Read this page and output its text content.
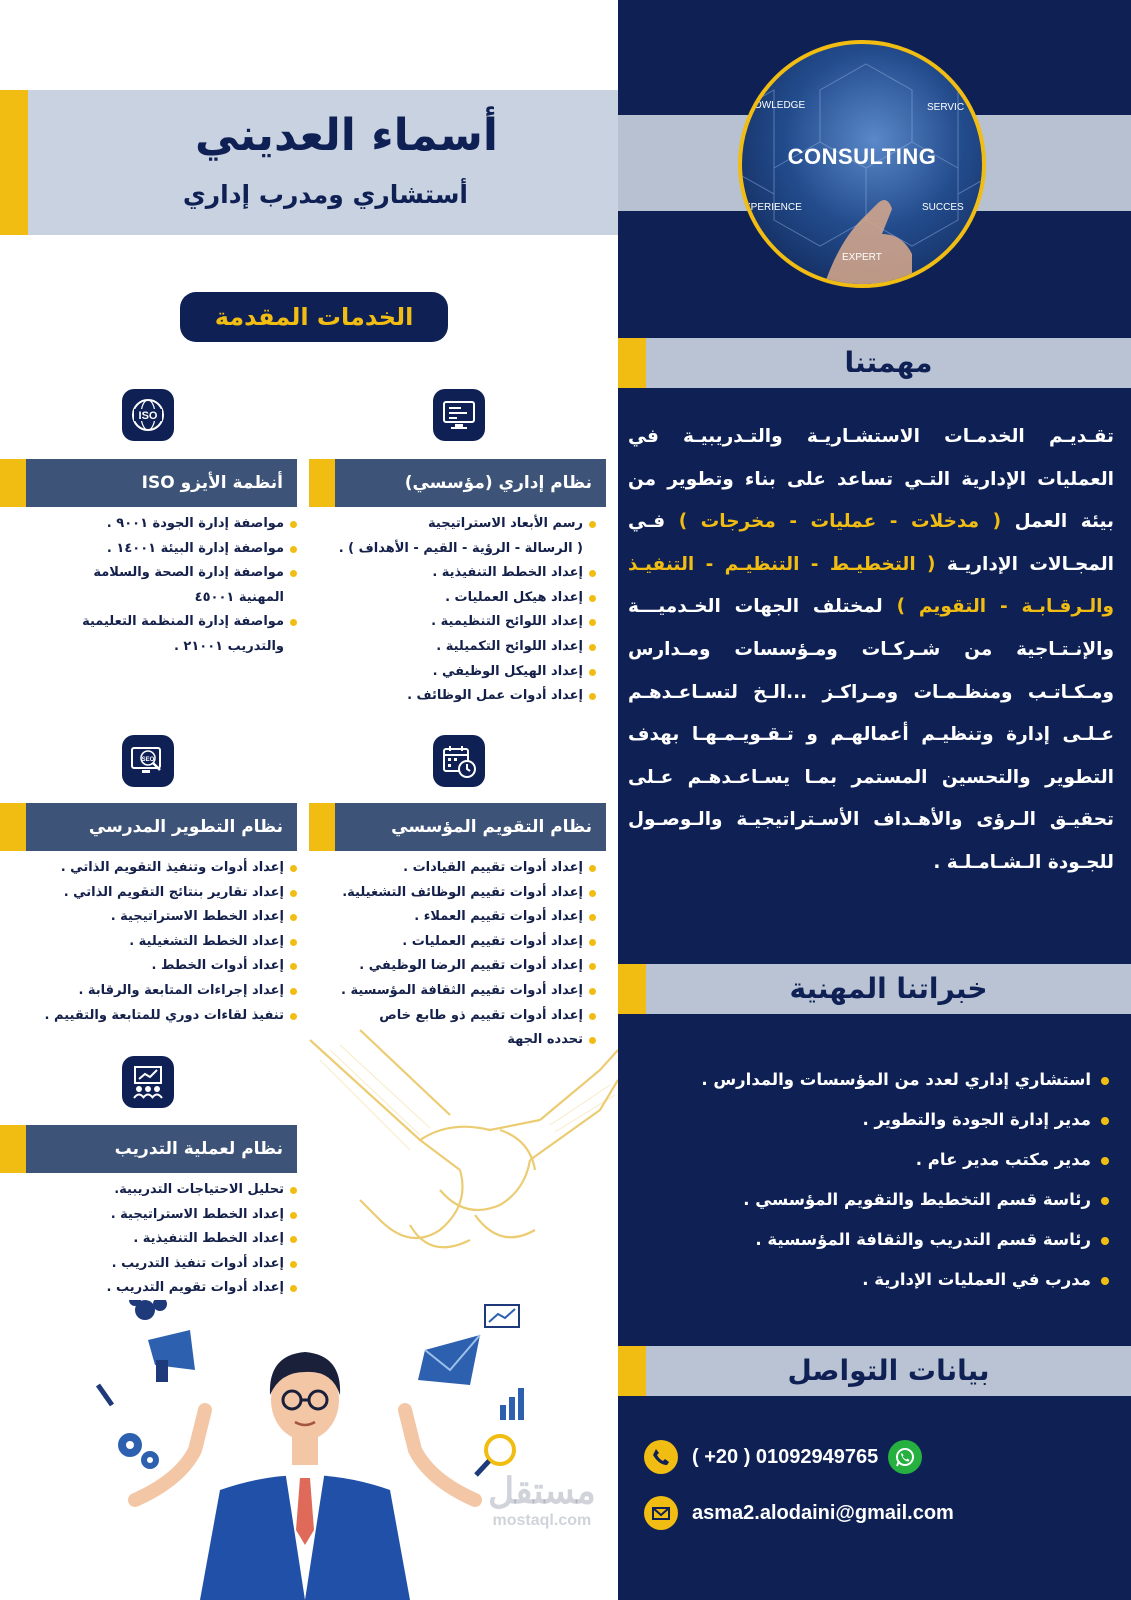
أسماء العديني
أستشاري ومدرب إداري
الخدمات المقدمة
نظام إداري (مؤسسي)
رسم الأبعاد الاستراتيجية
( الرسالة - الرؤية - القيم - الأهداف ) .
إعداد الخطط التنفيذية .
إعداد هيكل العمليات .
إعداد اللوائح التنظيمية .
إعداد اللوائح التكميلية .
إعداد الهيكل الوظيفي .
إعداد أدوات عمل الوظائف .
ISO
أنظمة الأيزو ISO
مواصفة إدارة الجودة ٩٠٠١ .
مواصفة إدارة البيئة ١٤٠٠١ .
مواصفة إدارة الصحة والسلامة
المهنية ٤٥٠٠١
مواصفة إدارة المنظمة التعليمية
والتدريب ٢١٠٠١ .
نظام التقويم المؤسسي
إعداد أدوات تقييم القيادات .
إعداد أدوات تقييم الوظائف التشغيلية.
إعداد أدوات تقييم العملاء .
إعداد أدوات تقييم العمليات .
إعداد أدوات تقييم الرضا الوظيفي .
إعداد أدوات تقييم الثقافة المؤسسية .
إعداد أدوات تقييم ذو طابع خاص
تحدده الجهة
SEO
نظام التطوير المدرسي
إعداد أدوات وتنفيذ التقويم الذاتي .
إعداد تقارير بنتائج التقويم الذاتي .
إعداد الخطط الاستراتيجية .
إعداد الخطط التشغيلية .
إعداد أدوات الخطط .
إعداد إجراءات المتابعة والرقابة .
تنفيذ لقاءات دوري للمتابعة والتقييم .
نظام لعملية التدريب
تحليل الاحتياجات التدريبية.
إعداد الخطط الاستراتيجية .
إعداد الخطط التنفيذية .
إعداد أدوات تنفيذ التدريب .
إعداد أدوات تقويم التدريب .
مهمتنا
خبراتنا المهنية
بيانات التواصل
CONSULTING
OWLEDGE	SERVIC
XPERIENCE	SUCCES
EXPERT
تقـديـم الخدمـات الاستشـاريـة والتـدريبيـة في العمليات الإدارية التـي تساعد على بناء وتطوير من بيئة العمل ( مدخلات - عمليات - مخرجات ) فـي المجـالات الإداريـة ( التخطيـط - التنظيـم - التنفيـذ والـرقـابـة - التقويم ) لمختلف الجهات الخـدميـــة والإنـتـاجية من شـركـات ومـؤسسات ومـدارس ومـكـاتـب ومنظـمـات ومـراكـز ...الـخ لتسـاعـدهـم عـلـى إدارة وتنظيـم أعمالهـم و تـقـويـمـهـا بهدف التطوير والتحسين المستمر بمـا يسـاعـدهـم عـلى تحقيـق الـرؤى والأهـداف الأسـتراتيجيـة والـوصـول للجـودة الـشـامـلـة .
استشاري إداري لعدد من المؤسسات والمدارس .
مدير إدارة الجودة والتطوير .
مدير مكتب مدير عام .
رئاسة قسم التخطيط والتقويم المؤسسي .
رئاسة قسم التدريب والثقافة المؤسسية .
مدرب في العمليات الإدارية .
( +20 ) 01092949765
asma2.alodaini@gmail.com
مستقل
mostaql.com
